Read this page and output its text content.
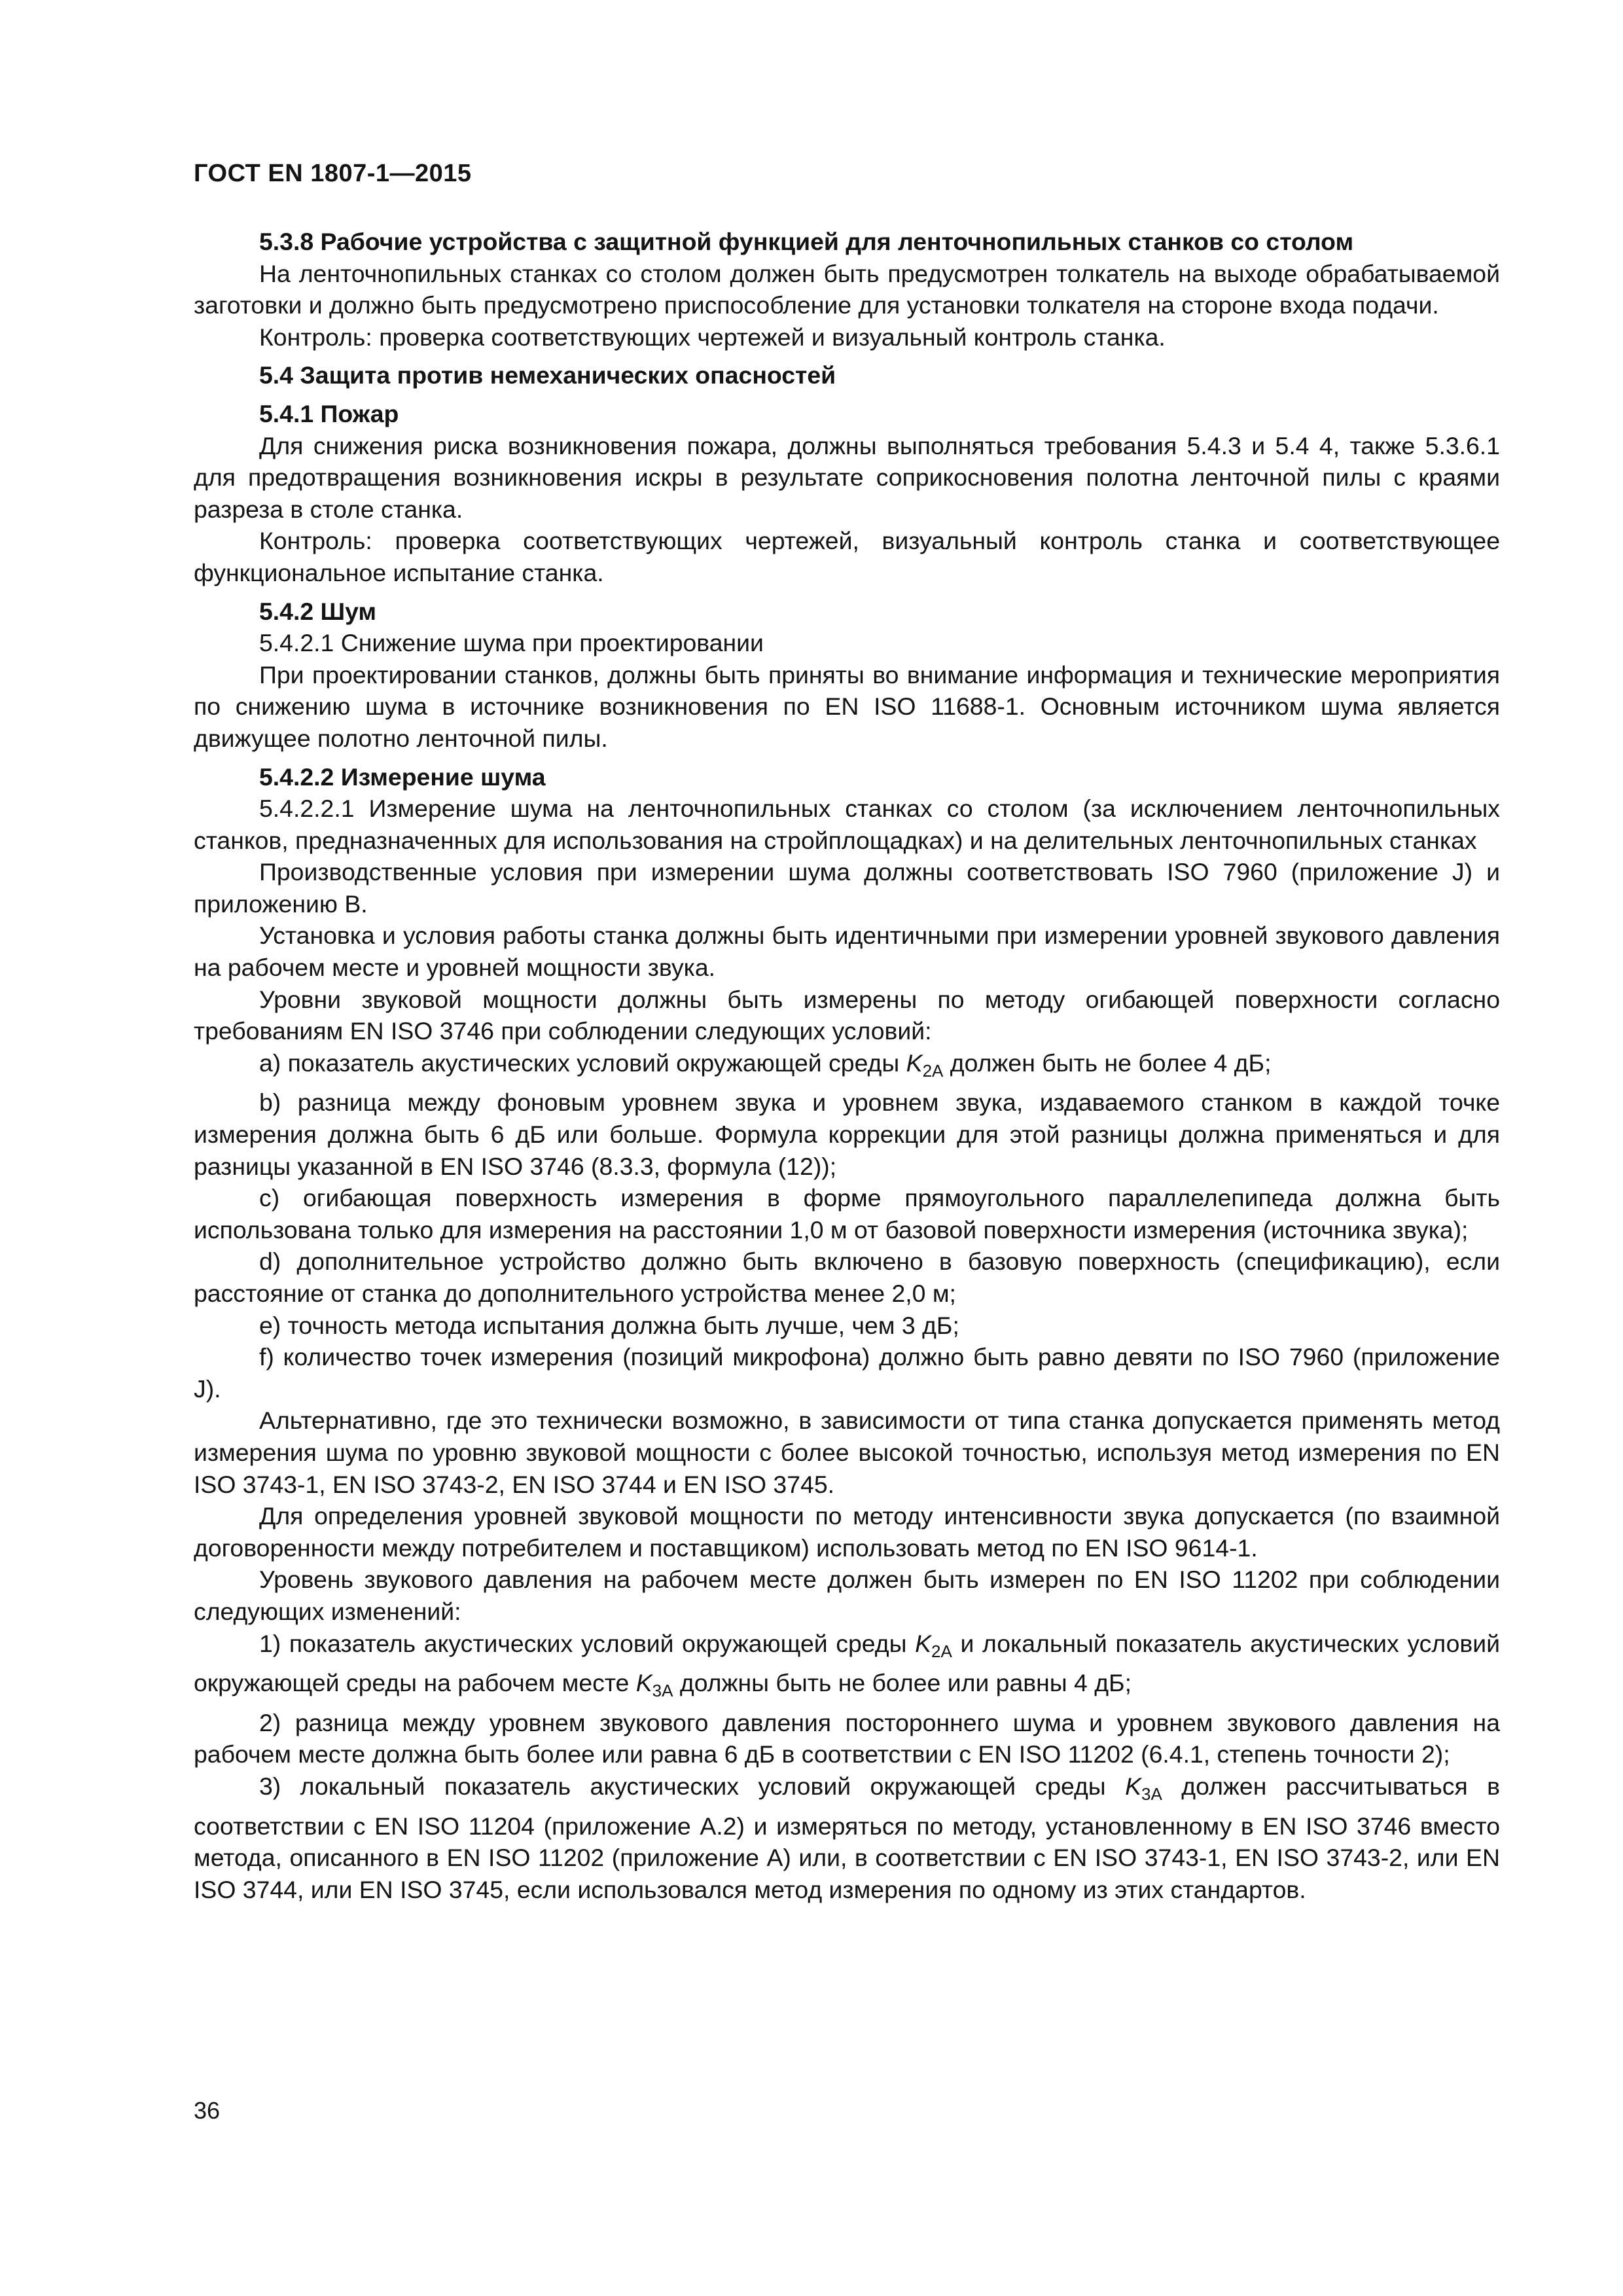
ГОСТ EN 1807-1—2015

5.3.8 Рабочие устройства с защитной функцией для ленточнопильных станков со столом

На ленточнопильных станках со столом должен быть предусмотрен толкатель на выходе обрабатываемой заготовки и должно быть предусмотрено приспособление для установки толкателя на стороне входа подачи.

Контроль: проверка соответствующих чертежей и визуальный контроль станка.

5.4 Защита против немеханических опасностей

5.4.1 Пожар

Для снижения риска возникновения пожара, должны выполняться требования 5.4.3 и 5.4 4, также 5.3.6.1 для предотвращения возникновения искры в результате соприкосновения полотна ленточной пилы с краями разреза в столе станка.

Контроль: проверка соответствующих чертежей, визуальный контроль станка и соответствующее функциональное испытание станка.

5.4.2 Шум

5.4.2.1 Снижение шума при проектировании

При проектировании станков, должны быть приняты во внимание информация и технические мероприятия по снижению шума в источнике возникновения по EN ISO 11688-1. Основным источником шума является движущее полотно ленточной пилы.

5.4.2.2 Измерение шума

5.4.2.2.1 Измерение шума на ленточнопильных станках со столом (за исключением ленточнопильных станков, предназначенных для использования на стройплощадках) и на делительных ленточнопильных станках

Производственные условия при измерении шума должны соответствовать ISO 7960 (приложение J) и приложению В.

Установка и условия работы станка должны быть идентичными при измерении уровней звукового давления на рабочем месте и уровней мощности звука.

Уровни звуковой мощности должны быть измерены по методу огибающей поверхности согласно требованиям EN ISO 3746 при соблюдении следующих условий:

a) показатель акустических условий окружающей среды $K_{2A}$ должен быть не более 4 дБ;

b) разница между фоновым уровнем звука и уровнем звука, издаваемого станком в каждой точке измерения должна быть 6 дБ или больше. Формула коррекции для этой разницы должна применяться и для разницы указанной в EN ISO 3746 (8.3.3, формула (12));

c) огибающая поверхность измерения в форме прямоугольного параллелепипеда должна быть использована только для измерения на расстоянии 1,0 м от базовой поверхности измерения (источника звука);

d) дополнительное устройство должно быть включено в базовую поверхность (спецификацию), если расстояние от станка до дополнительного устройства менее 2,0 м;

e) точность метода испытания должна быть лучше, чем 3 дБ;

f) количество точек измерения (позиций микрофона) должно быть равно девяти по ISO 7960 (приложение J).

Альтернативно, где это технически возможно, в зависимости от типа станка допускается применять метод измерения шума по уровню звуковой мощности с более высокой точностью, используя метод измерения по EN ISO 3743-1, EN ISO 3743-2, EN ISO 3744 и EN ISO 3745.

Для определения уровней звуковой мощности по методу интенсивности звука допускается (по взаимной договоренности между потребителем и поставщиком) использовать метод по EN ISO 9614-1.

Уровень звукового давления на рабочем месте должен быть измерен по EN ISO 11202 при соблюдении следующих изменений:

1) показатель акустических условий окружающей среды $K_{2A}$ и локальный показатель акустических условий окружающей среды на рабочем месте $K_{3A}$ должны быть не более или равны 4 дБ;

2) разница между уровнем звукового давления постороннего шума и уровнем звукового давления на рабочем месте должна быть более или равна 6 дБ в соответствии с EN ISO 11202 (6.4.1, степень точности 2);

3) локальный показатель акустических условий окружающей среды $K_{3A}$ должен рассчитываться в соответствии с EN ISO 11204 (приложение А.2) и измеряться по методу, установленному в EN ISO 3746 вместо метода, описанного в EN ISO 11202 (приложение А) или, в соответствии с EN ISO 3743-1, EN ISO 3743-2, или EN ISO 3744, или EN ISO 3745, если использовался метод измерения по одному из этих стандартов.

36
